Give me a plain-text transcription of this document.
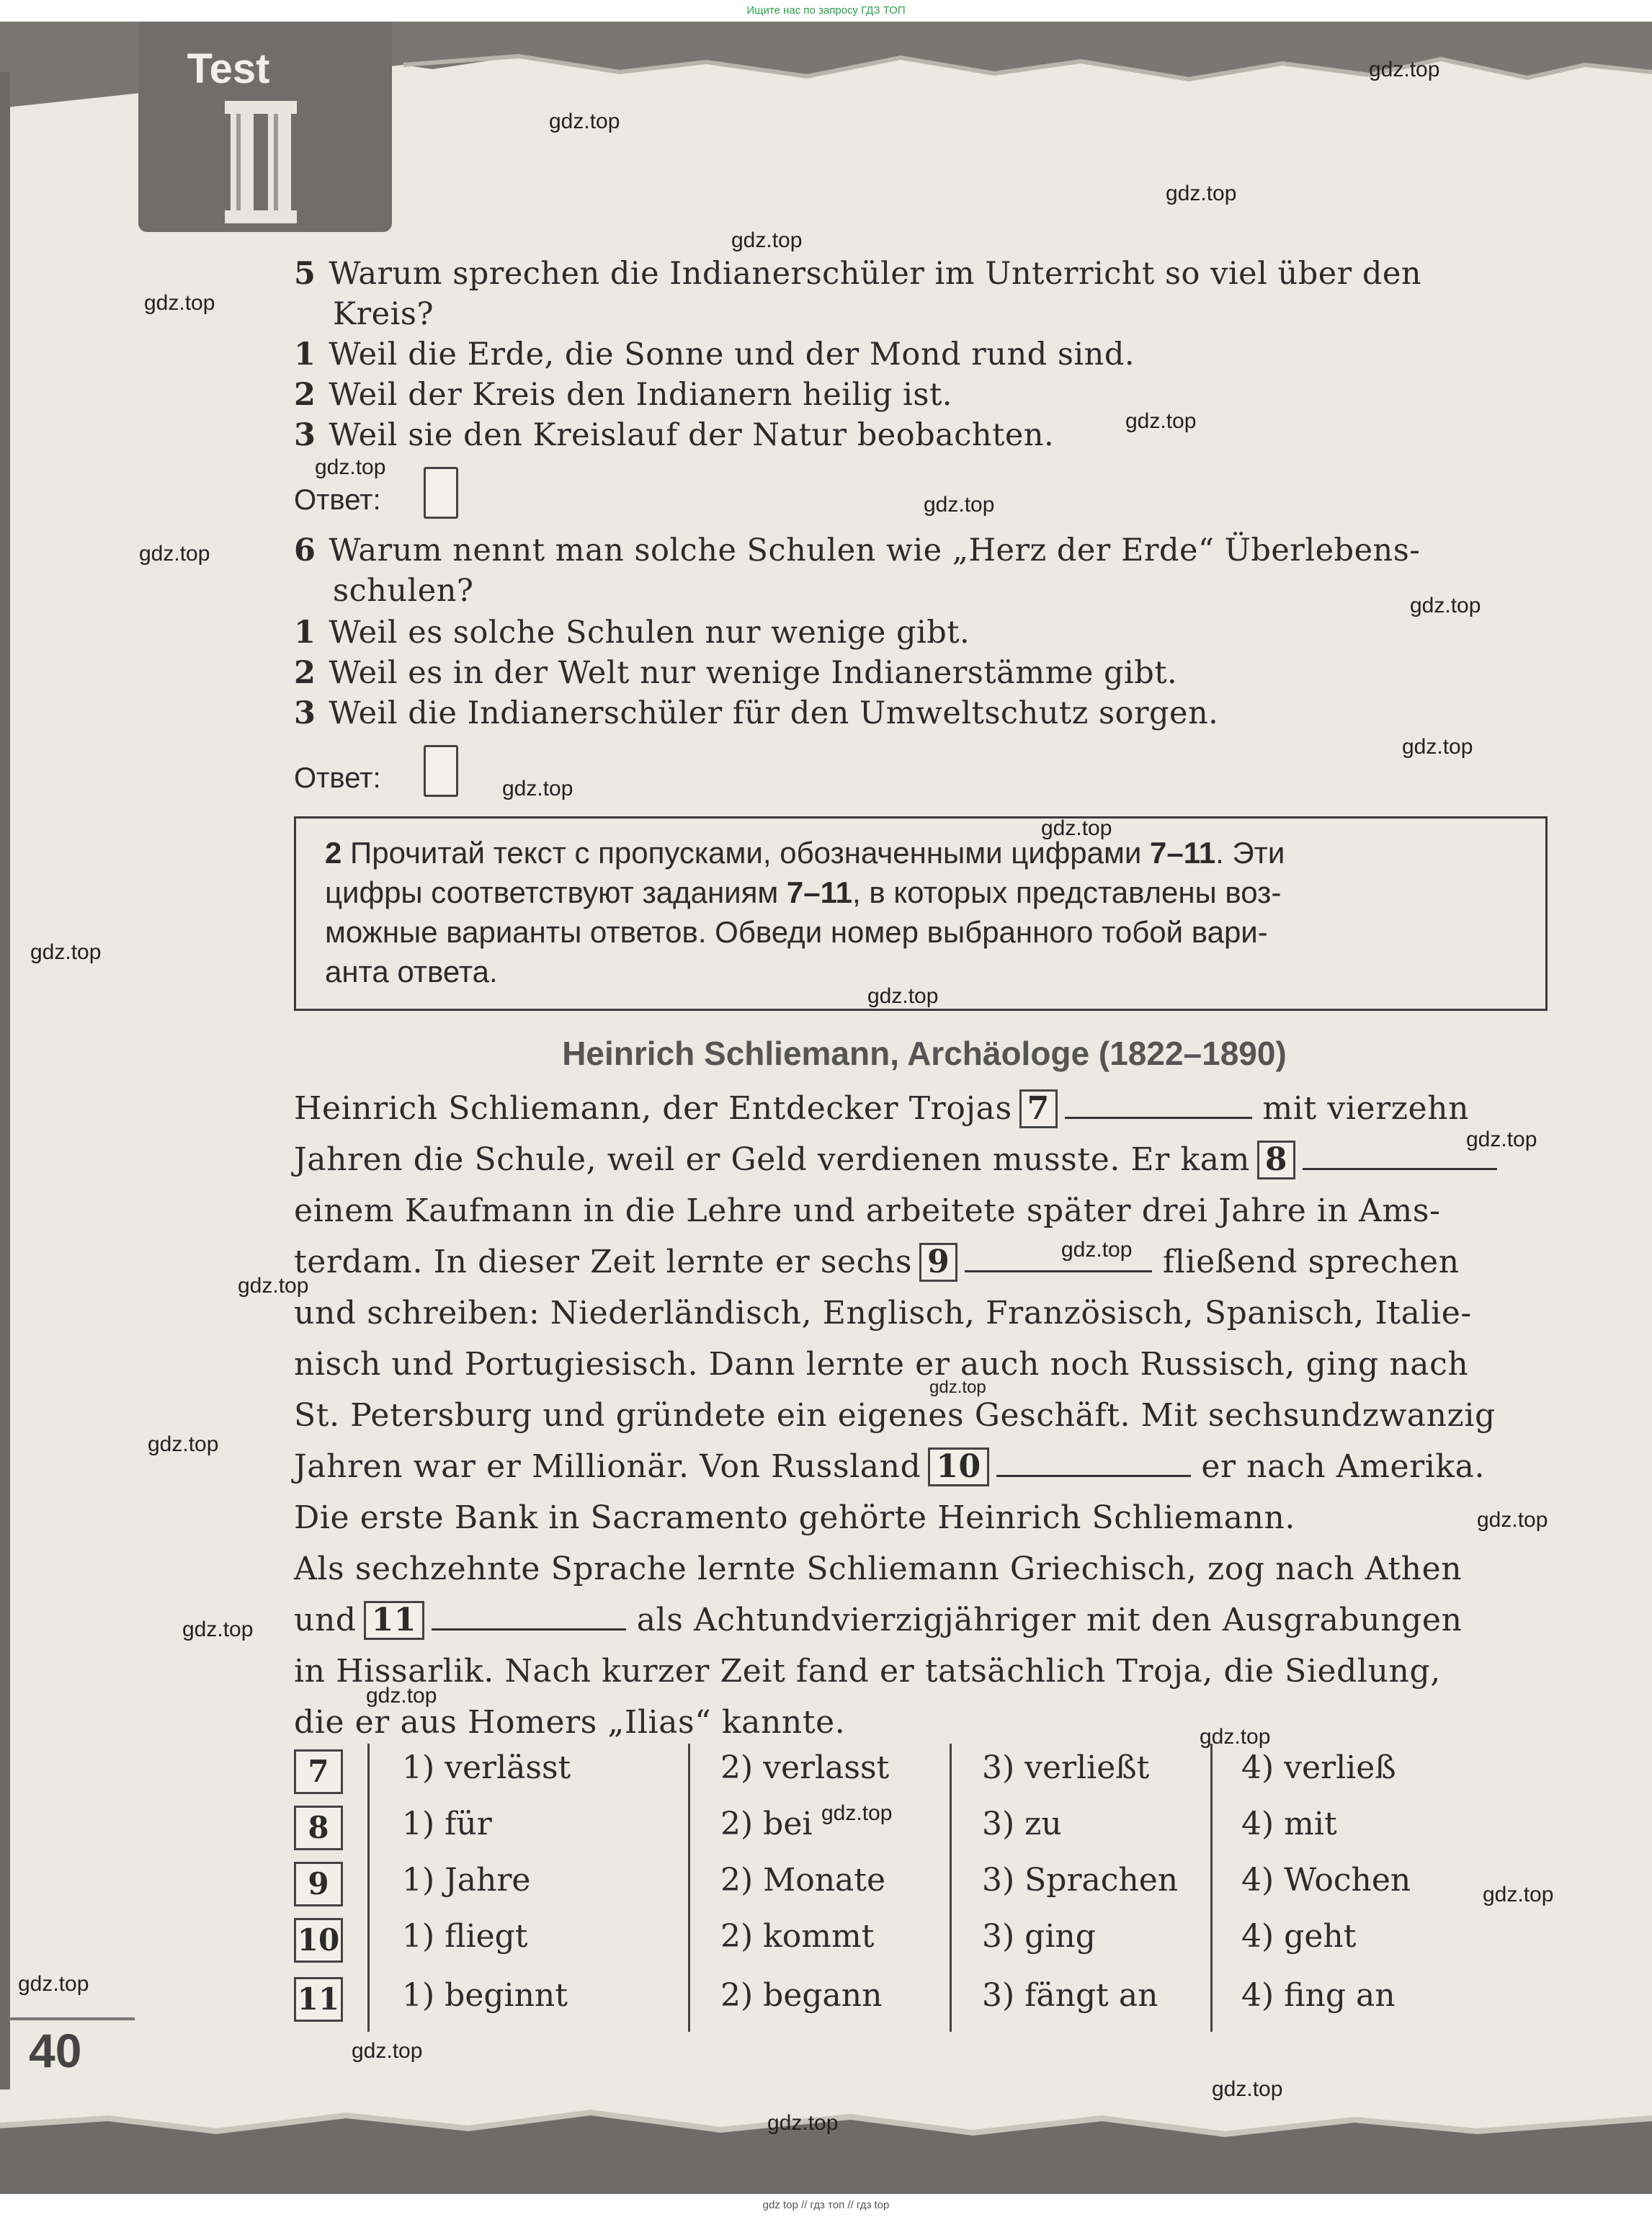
Ищите нас по запросу ГДЗ ТОП
Test
5 Warum sprechen die Indianerschüler im Unterricht so viel über den
Kreis?
1 Weil die Erde, die Sonne und der Mond rund sind.
2 Weil der Kreis den Indianern heilig ist.
3 Weil sie den Kreislauf der Natur beobachten.
Ответ:
6 Warum nennt man solche Schulen wie „Herz der Erde“ Überlebens-
schulen?
1 Weil es solche Schulen nur wenige gibt.
2 Weil es in der Welt nur wenige Indianerstämme gibt.
3 Weil die Indianerschüler für den Umweltschutz sorgen.
Ответ:
2 Прочитай текст с пропусками, обозначенными цифрами 7–11. Эти
цифры соответствуют заданиям 7–11, в которых представлены воз-
можные варианты ответов. Обведи номер выбранного тобой вари-
анта ответа.
Heinrich Schliemann, Archäologe (1822–1890)
Heinrich Schliemann, der Entdecker Trojas 7	mit vierzehn
Jahren die Schule, weil er Geld verdienen musste. Er kam 8
einem Kaufmann in die Lehre und arbeitete später drei Jahre in Ams-
terdam. In dieser Zeit lernte er sechs 9	fließend sprechen
und schreiben: Niederländisch, Englisch, Französisch, Spanisch, Italie-
nisch und Portugiesisch. Dann lernte er auch noch Russisch, ging nach
St. Petersburg und gründete ein eigenes Geschäft. Mit sechsundzwanzig
Jahren war er Millionär. Von Russland 10	er nach Amerika.
Die erste Bank in Sacramento gehörte Heinrich Schliemann.
Als sechzehnte Sprache lernte Schliemann Griechisch, zog nach Athen
und 11	als Achtundvierzigjähriger mit den Ausgrabungen
in Hissarlik. Nach kurzer Zeit fand er tatsächlich Troja, die Siedlung,
die er aus Homers „Ilias“ kannte.
7	1) verlässt	2) verlasst	3) verließt	4) verließ
8	1) für	2) bei	3) zu	4) mit
9	1) Jahre	2) Monate	3) Sprachen 4) Wochen
10 1) fliegt	2) kommt	3) ging	4) geht
11 1) beginnt	2) begann	3) fängt an	4) fing an
40
gdz.top
gdz.top
gdz.top
gdz.top
gdz.top
gdz.top
gdz.top
gdz.top
gdz.top
gdz.top
gdz.top
gdz.top
gdz.top
gdz.top
gdz.top
gdz.top
gdz.top
gdz.top
gdz.top
gdz.top
gdz.top
gdz.top
gdz.top
gdz.top
gdz.top
gdz.top
gdz.top
gdz.top
gdz.top
gdz.top
gdz top // гдз топ // гдз top
